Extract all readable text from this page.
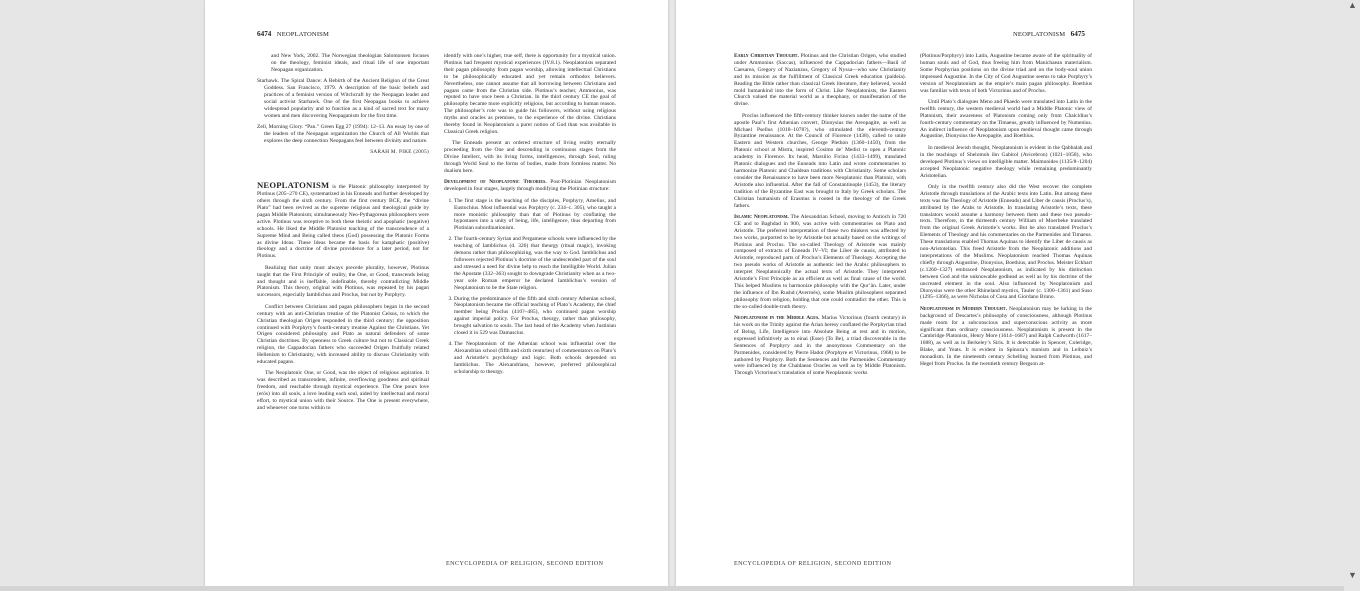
6474 NEOPLATONISM

and New York, 2002. The Norwegian theologian Salomonsen focuses on the theology, feminist ideals, and ritual life of one important Neopagan organization.

Starhawk. The Spiral Dance: A Rebirth of the Ancient Religion of the Great Goddess. San Francisco, 1979. A description of the basic beliefs and practices of a feminist version of Witchcraft by the Neopagan leader and social activist Starhawk. One of the first Neopagan books to achieve widespread popularity and to function as a kind of sacred text for many women and men discovering Neopaganism for the first time.

Zell, Morning Glory. “Pan.” Green Egg 27 (1994): 12–13. An essay by one of the leaders of the Neopagan organization the Church of All Worlds that explores the deep connection Neopagans feel between divinity and nature.

SARAH M. PIKE (2005)

NEOPLATONISM is the Platonic philosophy interpreted by Plotinus (205–270 CE), systematized in his Enneads and further developed by others through the sixth century. From the first century BCE, the “divine Plato” had been revived as the supreme religious and theological guide by pagan Middle Platonism; simultaneously Neo-Pythagorean philosophers were active. Plotinus was receptive to both these theistic and apophatic (negative) schools. He liked the Middle Platonist teaching of the transcendence of a Supreme Mind and Being called theos (God) possessing the Platonic Forms as divine Ideas. These Ideas became the basis for kataphatic (positive) theology and a doctrine of divine providence for a later period, not for Plotinus.

Realizing that unity must always precede plurality, however, Plotinus taught that the First Principle of reality, the One, or Good, transcends being and thought and is ineffable, indefinable, thereby contradicting Middle Platonism. This theory, original with Plotinus, was repeated by his pagan successors, especially Iamblichus and Proclus, but not by Porphyry.

Conflict between Christians and pagan philosophers began in the second century with an anti-Christian treatise of the Platonist Celsus, to which the Christian theologian Origen responded in the third century; the opposition continued with Porphyry’s fourth-century treatise Against the Christians. Yet Origen considered philosophy and Plato as natural defenders of some Christian doctrines. By openness to Greek culture but not to Classical Greek religion, the Cappadocian fathers who succeeded Origen fruitfully related Hellenism to Christianity, with increased ability to discuss Christianity with educated pagans.

The Neoplatonic One, or Good, was the object of religious aspiration. It was described as transcendent, infinite, overflowing goodness and spiritual freedom, and reachable through mystical experience. The One pours love (erōs) into all souls, a love leading each soul, aided by intellectual and moral effort, to mystical union with their Source. The One is present everywhere, and whenever one turns within to

identify with one’s higher, true self, there is opportunity for a mystical union. Plotinus had frequent mystical experiences (IV.8.1). Neoplatonists separated their pagan philosophy from pagan worship, allowing intellectual Christians to be philosophically educated and yet remain orthodox believers. Nevertheless, one cannot assume that all borrowing between Christians and pagans came from the Christian side. Plotinus’s teacher, Ammonius, was reputed to have once been a Christian. In the third century CE the goal of philosophy became more explicitly religious, but according to human reason. The philosopher’s role was to guide his followers, without using religious myths and oracles as premises, to the experience of the divine. Christians thereby found in Neoplatonism a purer notion of God than was available in Classical Greek religion.

The Enneads present an ordered structure of living reality eternally proceeding from the One and descending in continuous stages from the Divine Intellect, with its living forms, intelligences, through Soul, ruling through World Soul to the forms of bodies, made from formless matter. No dualism here.

Development of Neoplatonic Theories. Post-Plotinian Neoplatonism developed in four stages, largely through modifying the Plotinian structure:

1. The first stage is the teaching of the disciples, Porphyry, Amelius, and Eustochius. Most influential was Porphyry (c. 234–c. 305), who taught a more monistic philosophy than that of Plotinus by conflating the hypostases into a unity of being, life, intelligence, thus departing from Plotinian subordinationism.
2. The fourth-century Syrian and Pergamene schools were influenced by the teaching of Iamblichus (d. 326) that theurgy (ritual magic), invoking demons rather than philosophizing, was the way to God. Iamblichus and followers rejected Plotinus’s doctrine of the undescended part of the soul and stressed a need for divine help to reach the Intelligible World. Julian the Apostate (332–363) sought to downgrade Christianity when as a two-year sole Roman emperor he declared Iamblichus’s version of Neoplatonism to be the State religion.
3. During the predominance of the fifth and sixth century Athenian school, Neoplatonism became the official teaching of Plato’s Academy, the chief member being Proclus (410?–485), who continued pagan worship against imperial policy. For Proclus, theurgy, rather than philosophy, brought salvation to souls. The last head of the Academy when Justinian closed it in 529 was Damascius.
4. The Neoplatonism of the Athenian school was influential over the Alexandrian school (fifth and sixth centuries) of commentators on Plato’s and Aristotle’s psychology and logic. Both schools depended on Iamblichus. The Alexandrians, however, preferred philosophical scholarship to theurgy.
ENCYCLOPEDIA OF RELIGION, SECOND EDITION
NEOPLATONISM 6475

Early Christian Thought. Plotinus and the Christian Origen, who studied under Ammonius (Saccas), influenced the Cappadocian fathers—Basil of Caesarea, Gregory of Nazianzus, Gregory of Nyssa—who saw Christianity and its mission as the fulfillment of Classical Greek education (paideia). Reading the Bible rather than classical Greek literature, they believed, would mold humankind into the form of Christ. Like Neoplatonists, the Eastern Church valued the material world as a theophany, or manifestation of the divine.

Proclus influenced the fifth-century thinker known under the name of the apostle Paul’s first Athenian convert, Dionysius the Areopagite, as well as Michael Psellus (1018–1078?), who stimulated the eleventh-century Byzantine renaissance. At the Council of Florence (1438), called to unite Eastern and Western churches, George Plethon (1360–1450), from the Platonic school at Mistra, inspired Cosimo de’ Medici to open a Platonic academy in Florence. Its head, Marsilio Ficino (1433–1499), translated Platonic dialogues and the Enneads into Latin and wrote commentaries to harmonize Platonic and Chaldean traditions with Christianity. Some scholars consider the Renaissance to have been more Neoplatonic than Platonic, with Aristotle also influential. After the fall of Constantinople (1453), the literary tradition of the Byzantine East was brought to Italy by Greek scholars. The Christian humanism of Erasmus is rooted in the theology of the Greek fathers.

Islamic Neoplatonism. The Alexandrian School, moving to Antioch in 720 CE and to Baghdad in 900, was active with commentaries on Plato and Aristotle. The preferred interpretation of these two thinkers was affected by two works, purported to be by Aristotle but actually based on the writings of Plotinus and Proclus. The so-called Theology of Aristotle was mainly composed of extracts of Enneads IV–VI; the Liber de causis, attributed to Aristotle, reproduced parts of Proclus’s Elements of Theology. Accepting the two pseudo works of Aristotle as authentic led the Arabic philosophers to interpret Neoplatonically the actual texts of Aristotle. They interpreted Aristotle’s First Principle as an efficient as well as final cause of the world. This helped Muslims to harmonize philosophy with the Qur’ān. Later, under the influence of Ibn Rushd (Averroës), some Muslim philosophers separated philosophy from religion, holding that one could contradict the other. This is the so-called double-truth theory.

Neoplatonism in the Middle Ages. Marius Victorinus (fourth century) in his work on the Trinity against the Arian heresy conflated the Porphyrian triad of Being, Life, Intelligence into Absolute Being at rest and in motion, expressed infinitively as to einai (Esse) (To Be), a triad discoverable in the Sentences of Porphyry and in the anonymous Commentary on the Parmenides, considered by Pierre Hadot (Porphyre et Victorinus, 1968) to be authored by Porphyry. Both the Sentences and the Parmenides Commentary were influenced by the Chaldaean Oracles as well as by Middle Platonism. Through Victorinus’s translation of some Neoplatonic works

(Plotinus/Porphyry) into Latin, Augustine became aware of the spirituality of human souls and of God, thus freeing him from Manichaean materialism. Some Porphyrian positions on the divine triad and on the body-soul union impressed Augustine. In the City of God Augustine seems to take Porphyry’s version of Neoplatonism as the empire’s main pagan philosophy. Boethius was familiar with texts of both Victorinus and of Proclus.

Until Plato’s dialogues Meno and Phaedo were translated into Latin in the twelfth century, the western medieval world had a Middle Platonic view of Platonism, their awareness of Platonism coming only from Chalcidius’s fourth-century commentary on the Timaeus, greatly influenced by Numenius. An indirect influence of Neoplatonism upon medieval thought came through Augustine, Dionysius the Areopagite, and Boethius.

In medieval Jewish thought, Neoplatonism is evident in the Qabbalah and in the teachings of Shelomoh ibn Gabirol (Avicebron) (1021–1058), who developed Plotinus’s views on intelligible matter. Maimonides (1135/8–1204) accepted Neoplatonic negative theology while remaining predominantly Aristotelian.

Only in the twelfth century also did the West recover the complete Aristotle through translations of the Arabic texts into Latin. But among these texts was the Theology of Aristotle (Enneads) and Liber de causis (Proclus’s), attributed by the Arabs to Aristotle. In translating Aristotle’s texts, these translators would assume a harmony between them and these two pseudo-texts. Therefore, in the thirteenth century William of Moerbeke translated from the original Greek Aristotle’s works. But he also translated Proclus’s Elements of Theology and his commentaries on the Parmenides and Timaeus. These translations enabled Thomas Aquinas to identify the Liber de causis as non-Aristotelian. This freed Aristotle from the Neoplatonic additions and interpretations of the Muslims. Neoplatonism reached Thomas Aquinas chiefly through Augustine, Dionysius, Boethius, and Proclus. Meister Eckhart (c.1260–1327) embraced Neoplatonism, as indicated by his distinction between God and the unknowable godhead as well as by his doctrine of the uncreated element in the soul. Also influenced by Neoplatonism and Dionysius were the other Rhineland mystics, Tauler (c. 1300–1361) and Suso (1295–1366), as were Nicholas of Cusa and Giordano Bruno.

Neoplatonism in Modern Thought. Neoplatonism may be lurking in the background of Descartes’s philosophy of consciousness, although Plotinus made room for a subconscious and superconscious activity as more significant than ordinary consciousness. Neoplatonism is present in the Cambridge Platonists, Henry More (1614–1687) and Ralph Cudworth (1617–1688), as well as in Berkeley’s Siris. It is detectable in Spencer, Coleridge, Blake, and Yeats. It is evident in Spinoza’s monism and in Leibniz’s monadism. In the nineteenth century Schelling learned from Plotinus, and Hegel from Proclus. In the twentieth century Bergson at-

ENCYCLOPEDIA OF RELIGION, SECOND EDITION
▲
▼
